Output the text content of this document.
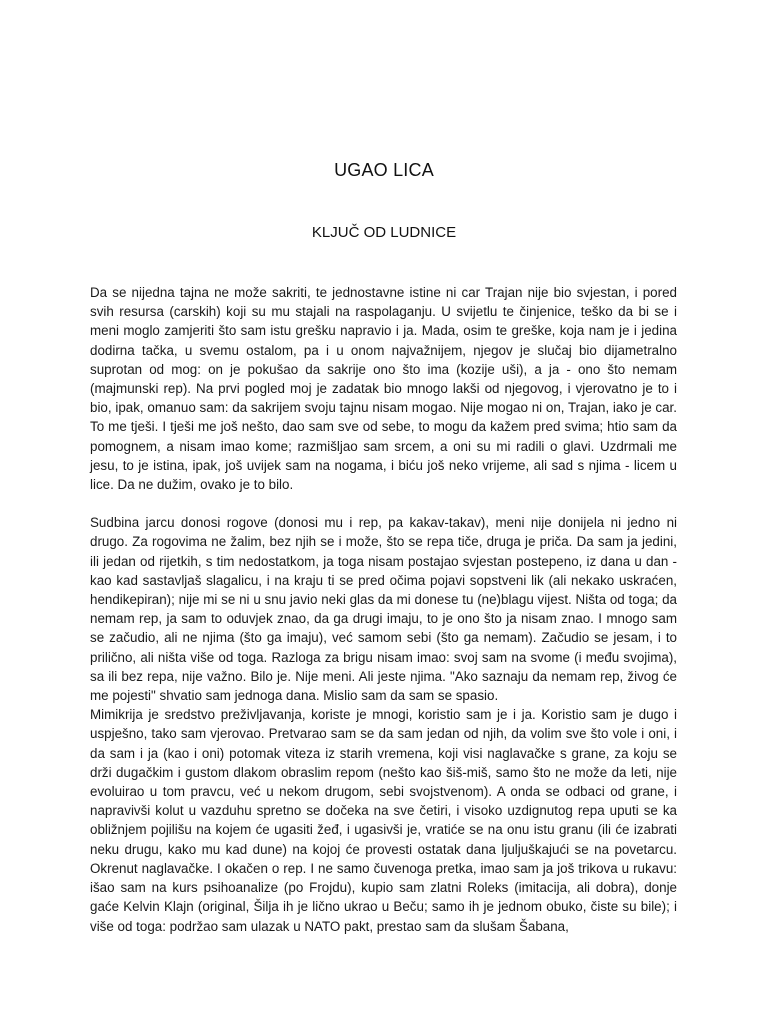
UGAO LICA
KLJUČ OD LUDNICE

Da se nijedna tajna ne može sakriti, te jednostavne istine ni car Trajan nije bio svjestan, i pored svih resursa (carskih) koji su mu stajali na raspolaganju. U svijetlu te činjenice, teško da bi se i meni moglo zamjeriti što sam istu grešku napravio i ja. Mada, osim te greške, koja nam je i jedina dodirna tačka, u svemu ostalom, pa i u onom najvažnijem, njegov je slučaj bio dijametralno suprotan od mog: on je pokušao da sakrije ono što ima (kozije uši), a ja - ono što nemam (majmunski rep). Na prvi pogled moj je zadatak bio mnogo lakši od njegovog, i vjerovatno je to i bio, ipak, omanuo sam: da sakrijem svoju tajnu nisam mogao. Nije mogao ni on, Trajan, iako je car. To me tješi. I tješi me još nešto, dao sam sve od sebe, to mogu da kažem pred svima; htio sam da pomognem, a nisam imao kome; razmišljao sam srcem, a oni su mi radili o glavi. Uzdrmali me jesu, to je istina, ipak, još uvijek sam na nogama, i biću još neko vrijeme, ali sad s njima - licem u lice. Da ne dužim, ovako je to bilo.

Sudbina jarcu donosi rogove (donosi mu i rep, pa kakav-takav), meni nije donijela ni jedno ni drugo. Za rogovima ne žalim, bez njih se i može, što se repa tiče, druga je priča. Da sam ja jedini, ili jedan od rijetkih, s tim nedostatkom, ja toga nisam postajao svjestan postepeno, iz dana u dan - kao kad sastavljaš slagalicu, i na kraju ti se pred očima pojavi sopstveni lik (ali nekako uskraćen, hendikepiran); nije mi se ni u snu javio neki glas da mi donese tu (ne)blagu vijest. Ništa od toga; da nemam rep, ja sam to oduvjek znao, da ga drugi imaju, to je ono što ja nisam znao. I mnogo sam se začudio, ali ne njima (što ga imaju), već samom sebi (što ga nemam). Začudio se jesam, i to prilično, ali ništa više od toga. Razloga za brigu nisam imao: svoj sam na svome (i među svojima), sa ili bez repa, nije važno. Bilo je. Nije meni. Ali jeste njima. "Ako saznaju da nemam rep, živog će me pojesti" shvatio sam jednoga dana. Mislio sam da sam se spasio.

Mimikrija je sredstvo preživljavanja, koriste je mnogi, koristio sam je i ja. Koristio sam je dugo i uspješno, tako sam vjerovao. Pretvarao sam se da sam jedan od njih, da volim sve što vole i oni, i da sam i ja (kao i oni) potomak viteza iz starih vremena, koji visi naglavačke s grane, za koju se drži dugačkim i gustom dlakom obraslim repom (nešto kao šiš-miš, samo što ne može da leti, nije evoluirao u tom pravcu, već u nekom drugom, sebi svojstvenom). A onda se odbaci od grane, i napravivši kolut u vazduhu spretno se dočeka na sve četiri, i visoko uzdignutog repa uputi se ka obližnjem pojilišu na kojem će ugasiti žeđ, i ugasivši je, vratiće se na onu istu granu (ili će izabrati neku drugu, kako mu kad dune) na kojoj će provesti ostatak dana ljuljuškajući se na povetarcu. Okrenut naglavačke. I okačen o rep. I ne samo čuvenoga pretka, imao sam ja još trikova u rukavu: išao sam na kurs psihoanalize (po Frojdu), kupio sam zlatni Roleks (imitacija, ali dobra), donje gaće Kelvin Klajn (original, Šilja ih je lično ukrao u Beču; samo ih je jednom obuko, čiste su bile); i više od toga: podržao sam ulazak u NATO pakt, prestao sam da slušam Šabana,
